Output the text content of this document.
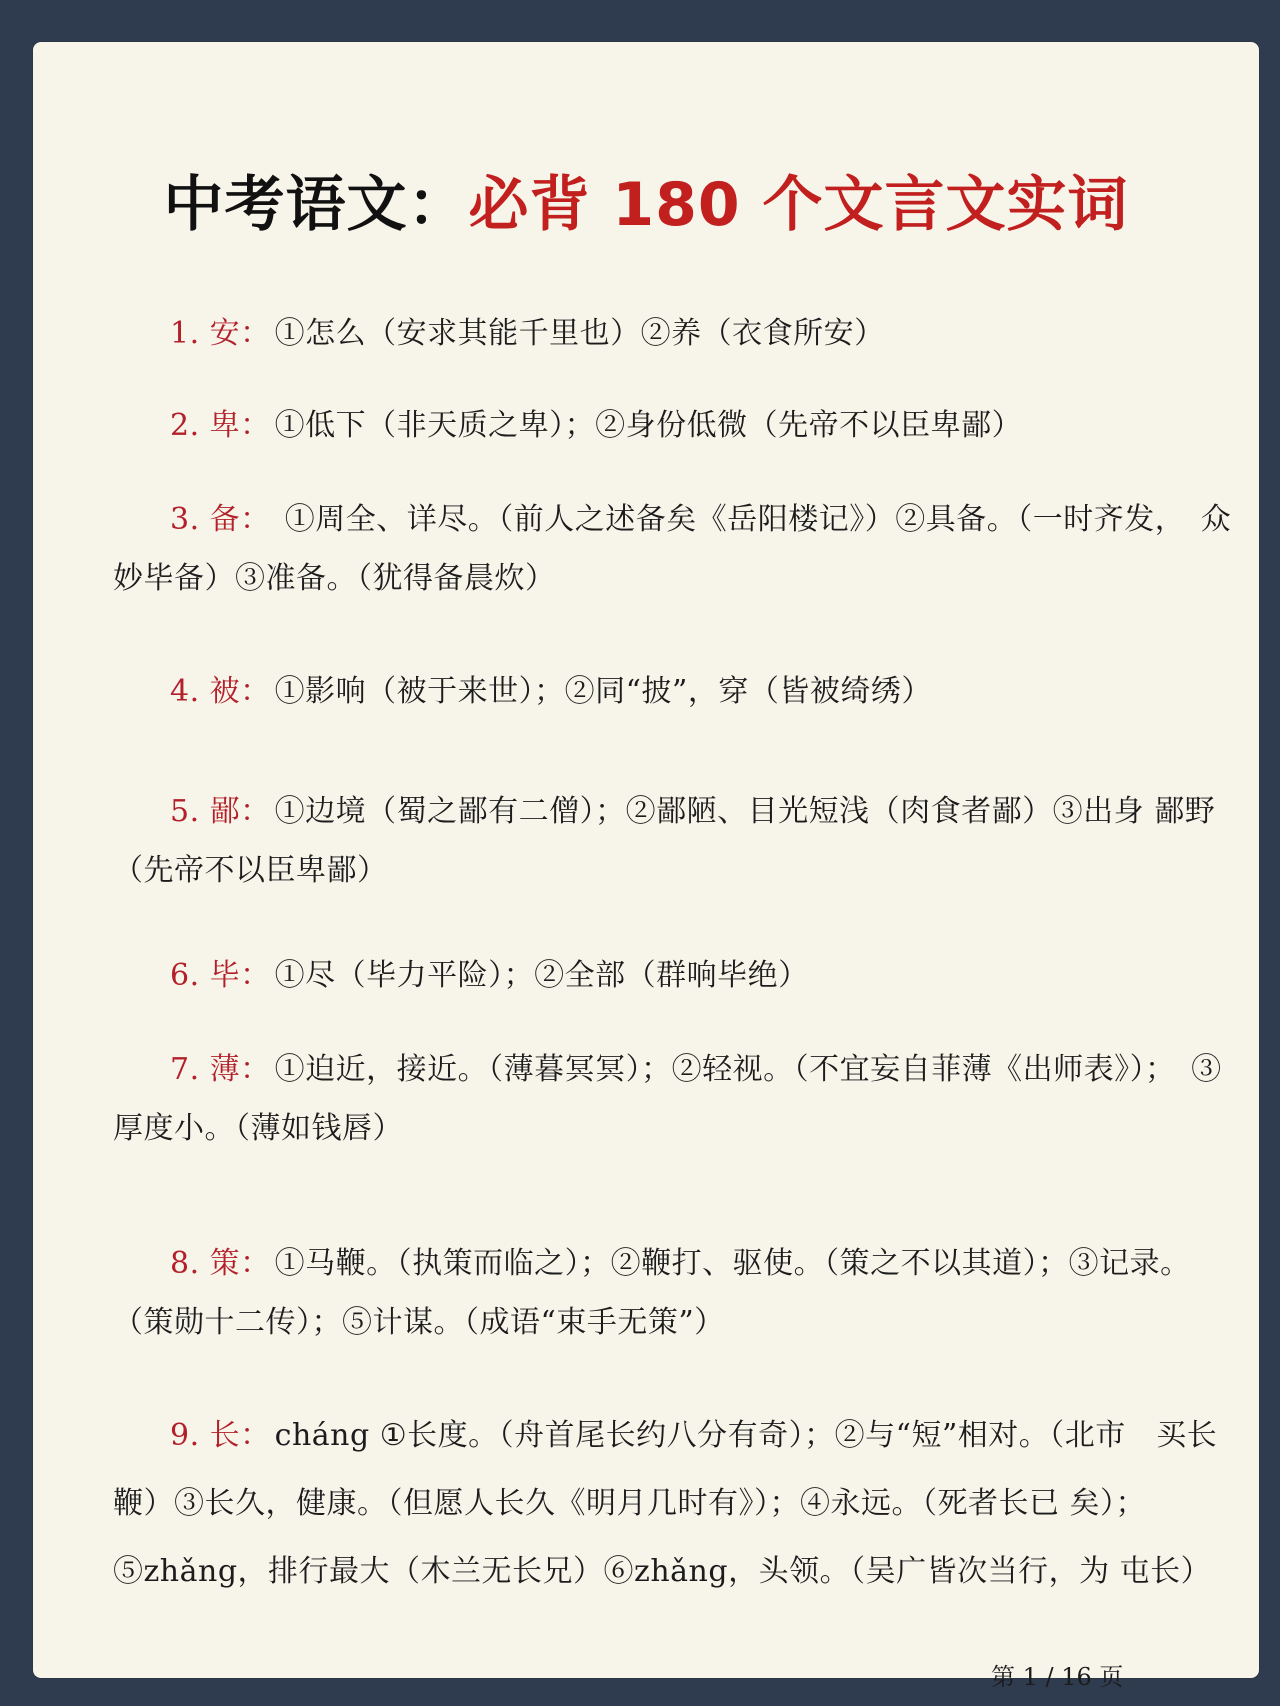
中考语文：必背 180 个文言文实词
1. 安： ①怎么（安求其能千里也）②养（衣食所安）
2. 卑： ①低下（非天质之卑）；②身份低微（先帝不以臣卑鄙）
3. 备： ①周全、详尽。（前人之述备矣《岳阳楼记》）②具备。（一时齐发，　众妙毕备）③准备。（犹得备晨炊）
4. 被： ①影响（被于来世）；②同“披”，穿（皆被绮绣）
5. 鄙： ①边境（蜀之鄙有二僧）；②鄙陋、目光短浅（肉食者鄙）③出身 鄙野（先帝不以臣卑鄙）
6. 毕： ①尽（毕力平险）；②全部（群响毕绝）
7. 薄： ①迫近，接近。（薄暮冥冥）；②轻视。（不宜妄自菲薄《出师表》）；　③厚度小。（薄如钱唇）
8. 策： ①马鞭。（执策而临之）；②鞭打、驱使。（策之不以其道）；③记录。　（策勋十二传）；⑤计谋。（成语“束手无策”）
9. 长： cháng ①长度。（舟首尾长约八分有奇）；②与“短”相对。（北市　买长鞭）③长久，健康。（但愿人长久《明月几时有》）；④永远。（死者长已 矣）；⑤zhǎng，排行最大（木兰无长兄）⑥zhǎng，头领。（吴广皆次当行，为 屯长）
第 1 / 16 页
